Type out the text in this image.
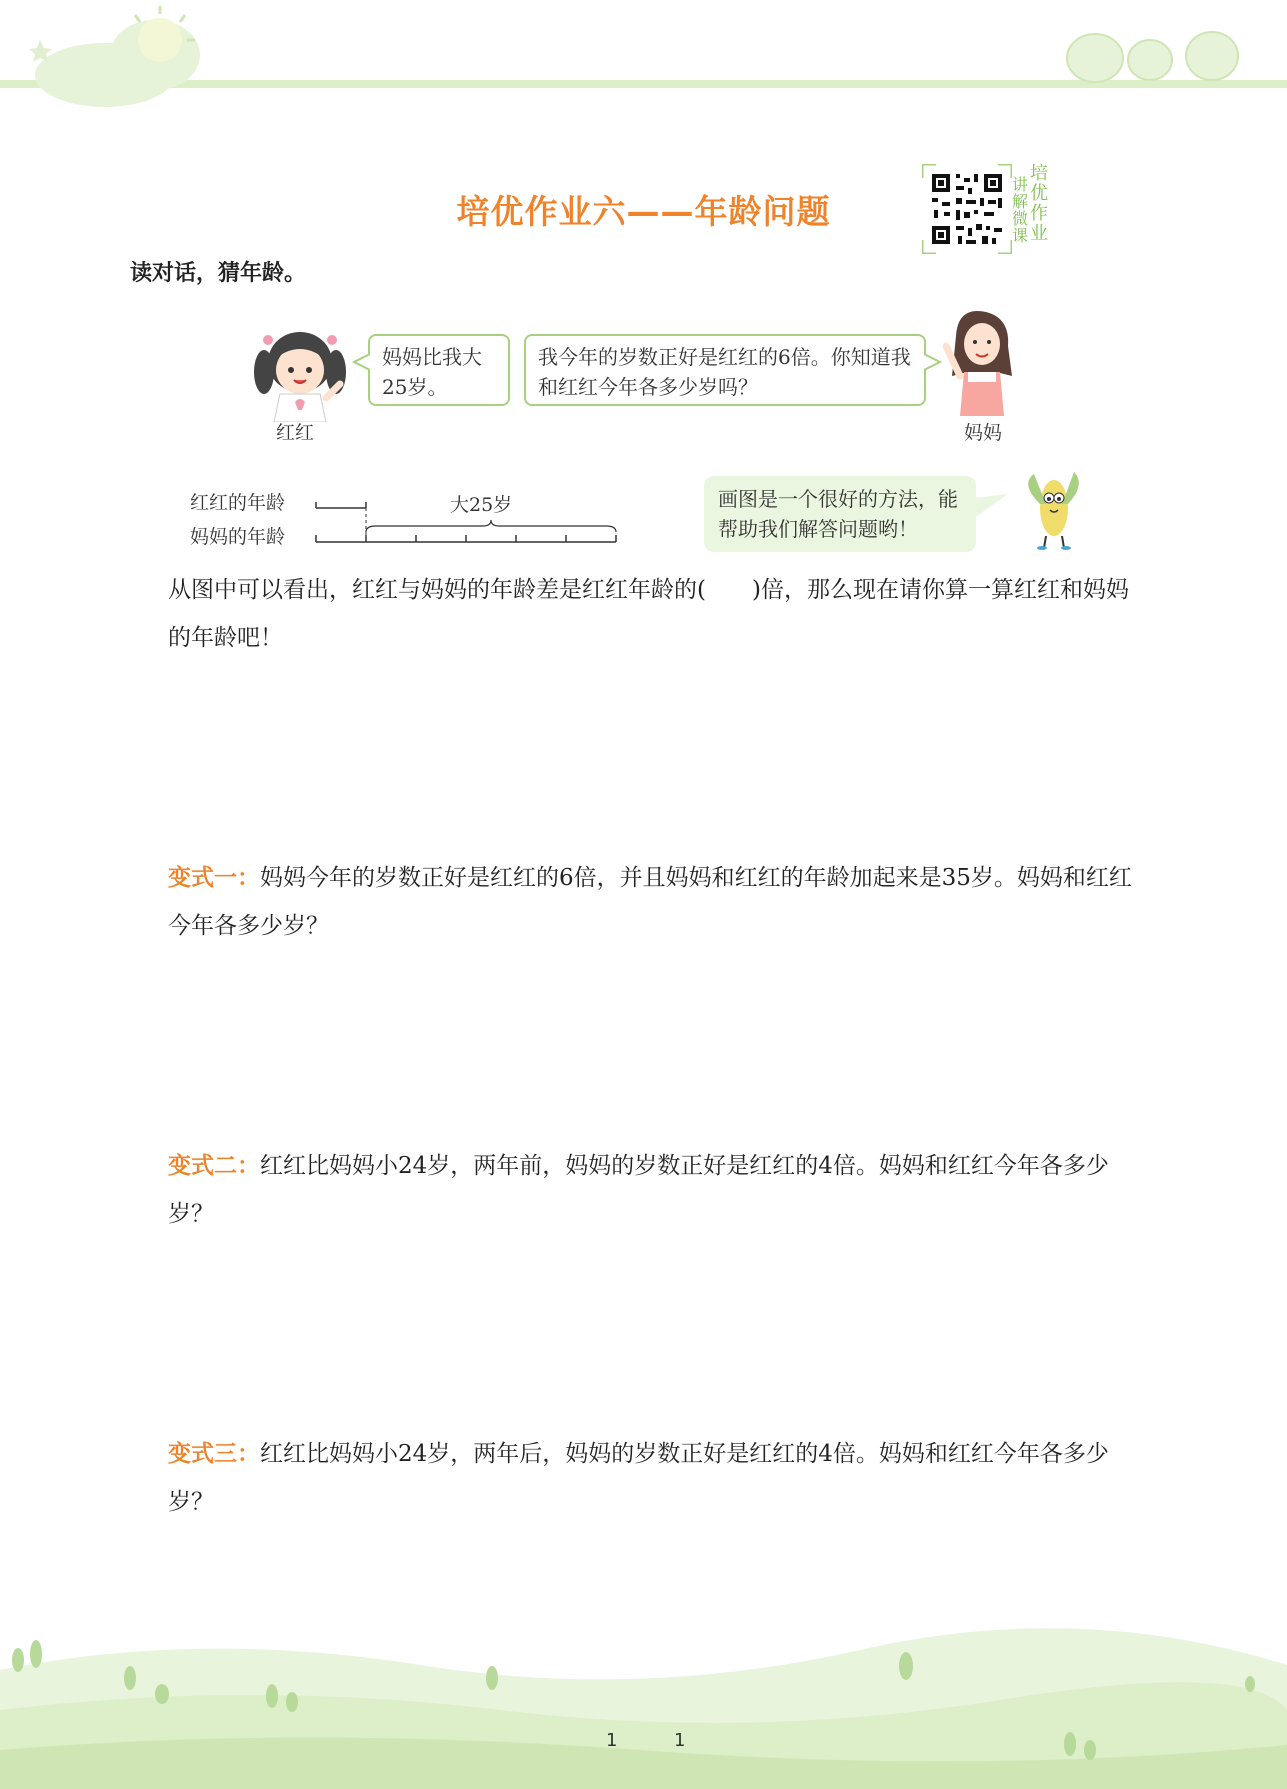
培优作业六——年龄问题
讲解微课
培优作业
读对话，猜年龄。
红红
妈妈比我大25岁。
我今年的岁数正好是红红的6倍。你知道我和红红今年各多少岁吗？
妈妈
红红的年龄
妈妈的年龄
大25岁	画图是一个很好的方法，能帮助我们解答问题哟！
从图中可以看出，红红与妈妈的年龄差是红红年龄的(　　)倍，那么现在请你算一算红红和妈妈的年龄吧！
变式一：妈妈今年的岁数正好是红红的6倍，并且妈妈和红红的年龄加起来是35岁。妈妈和红红今年各多少岁？
变式二：红红比妈妈小24岁，两年前，妈妈的岁数正好是红红的4倍。妈妈和红红今年各多少岁？
变式三：红红比妈妈小24岁，两年后，妈妈的岁数正好是红红的4倍。妈妈和红红今年各多少岁？
1	1
